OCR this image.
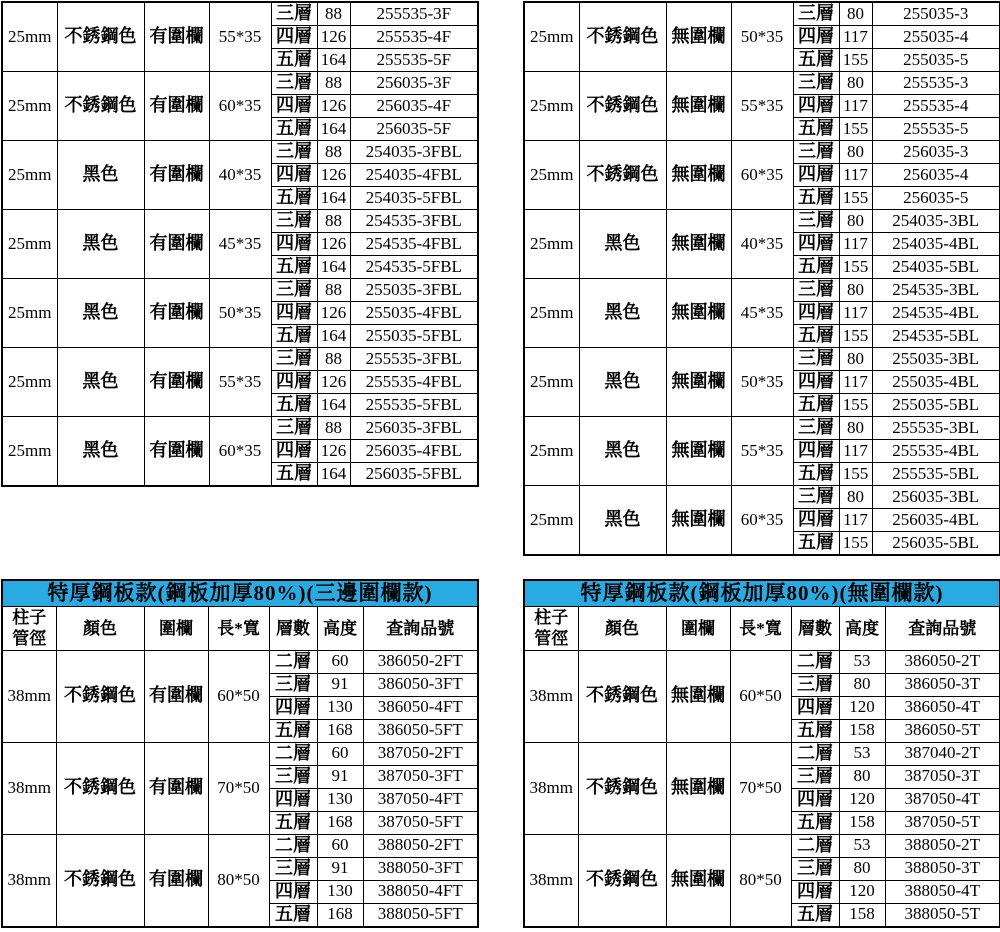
25mm	不銹鋼色	有圍欄	55*35	三層	88	255535-3F
				四層	126	255535-4F
				五層	164	255535-5F
25mm	不銹鋼色	有圍欄	60*35	三層	88	256035-3F
				四層	126	256035-4F
				五層	164	256035-5F
25mm	黑色	有圍欄	40*35	三層	88	254035-3FBL
				四層	126	254035-4FBL
				五層	164	254035-5FBL
25mm	黑色	有圍欄	45*35	三層	88	254535-3FBL
				四層	126	254535-4FBL
				五層	164	254535-5FBL
25mm	黑色	有圍欄	50*35	三層	88	255035-3FBL
				四層	126	255035-4FBL
				五層	164	255035-5FBL
25mm	黑色	有圍欄	55*35	三層	88	255535-3FBL
				四層	126	255535-4FBL
				五層	164	255535-5FBL
25mm	黑色	有圍欄	60*35	三層	88	256035-3FBL
				四層	126	256035-4FBL
				五層	164	256035-5FBL
25mm	不銹鋼色	無圍欄	50*35	三層	80	255035-3
				四層	117	255035-4
				五層	155	255035-5
25mm	不銹鋼色	無圍欄	55*35	三層	80	255535-3
				四層	117	255535-4
				五層	155	255535-5
25mm	不銹鋼色	無圍欄	60*35	三層	80	256035-3
				四層	117	256035-4
				五層	155	256035-5
25mm	黑色	無圍欄	40*35	三層	80	254035-3BL
				四層	117	254035-4BL
				五層	155	254035-5BL
25mm	黑色	無圍欄	45*35	三層	80	254535-3BL
				四層	117	254535-4BL
				五層	155	254535-5BL
25mm	黑色	無圍欄	50*35	三層	80	255035-3BL
				四層	117	255035-4BL
				五層	155	255035-5BL
25mm	黑色	無圍欄	55*35	三層	80	255535-3BL
				四層	117	255535-4BL
				五層	155	255535-5BL
25mm	黑色	無圍欄	60*35	三層	80	256035-3BL
				四層	117	256035-4BL
				五層	155	256035-5BL
特厚鋼板款(鋼板加厚80%)(三邊圍欄款)						
柱子管徑	顏色	圍欄	長*寬	層數	高度	查詢品號
38mm	不銹鋼色	有圍欄	60*50	二層	60	386050-2FT
				三層	91	386050-3FT
				四層	130	386050-4FT
				五層	168	386050-5FT
38mm	不銹鋼色	有圍欄	70*50	二層	60	387050-2FT
				三層	91	387050-3FT
				四層	130	387050-4FT
				五層	168	387050-5FT
38mm	不銹鋼色	有圍欄	80*50	二層	60	388050-2FT
				三層	91	388050-3FT
				四層	130	388050-4FT
				五層	168	388050-5FT
特厚鋼板款(鋼板加厚80%)(無圍欄款)						
柱子管徑	顏色	圍欄	長*寬	層數	高度	查詢品號
38mm	不銹鋼色	無圍欄	60*50	二層	53	386050-2T
				三層	80	386050-3T
				四層	120	386050-4T
				五層	158	386050-5T
38mm	不銹鋼色	無圍欄	70*50	二層	53	387040-2T
				三層	80	387050-3T
				四層	120	387050-4T
				五層	158	387050-5T
38mm	不銹鋼色	無圍欄	80*50	二層	53	388050-2T
				三層	80	388050-3T
				四層	120	388050-4T
				五層	158	388050-5T
